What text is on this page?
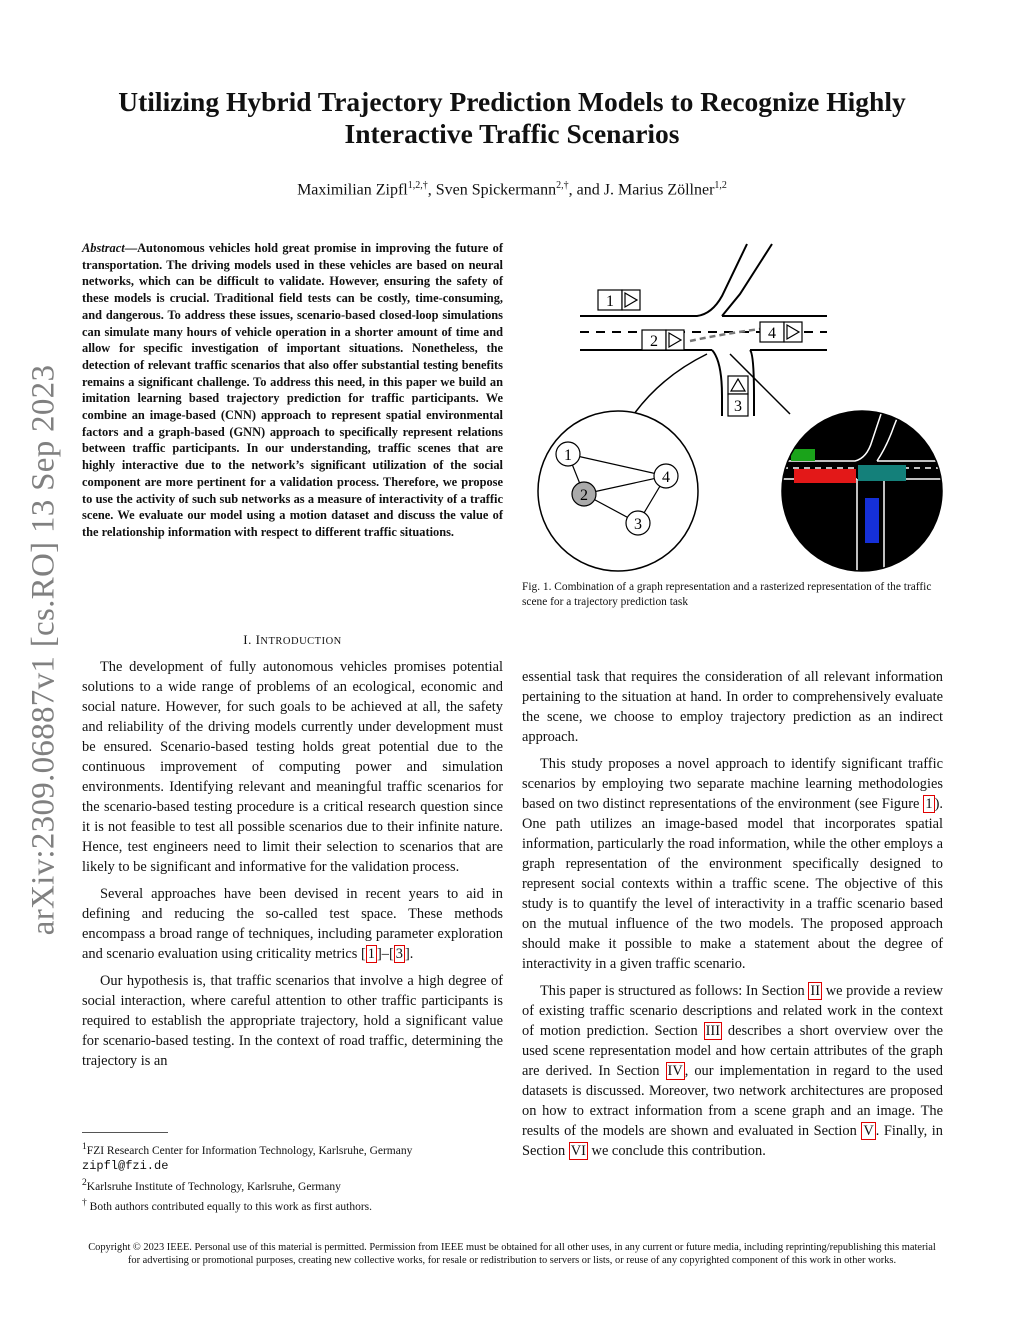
Utilizing Hybrid Trajectory Prediction Models to Recognize Highly Interactive Traffic Scenarios
Maximilian Zipfl$^{1,2,\dagger}$, Sven Spickermann$^{2,\dagger}$, and J. Marius Zöllner$^{1,2}$
arXiv:2309.06887v1 [cs.RO] 13 Sep 2023

Abstract—Autonomous vehicles hold great promise in improving the future of transportation. The driving models used in these vehicles are based on neural networks, which can be difficult to validate. However, ensuring the safety of these models is crucial. Traditional field tests can be costly, time-consuming, and dangerous. To address these issues, scenario-based closed-loop simulations can simulate many hours of vehicle operation in a shorter amount of time and allow for specific investigation of important situations. Nonetheless, the detection of relevant traffic scenarios that also offer substantial testing benefits remains a significant challenge. To address this need, in this paper we build an imitation learning based trajectory prediction for traffic participants. We combine an image-based (CNN) approach to represent spatial environmental factors and a graph-based (GNN) approach to specifically represent relations between traffic participants. In our understanding, traffic scenes that are highly interactive due to the network’s significant utilization of the social component are more pertinent for a validation process. Therefore, we propose to use the activity of such sub networks as a measure of interactivity of a traffic scene. We evaluate our model using a motion dataset and discuss the value of the relationship information with respect to different traffic situations.

I. INTRODUCTION

The development of fully autonomous vehicles promises potential solutions to a wide range of problems of an ecological, economic and social nature. However, for such goals to be achieved at all, the safety and reliability of the driving models currently under development must be ensured. Scenario-based testing holds great potential due to the continuous improvement of computing power and simulation environments. Identifying relevant and meaningful traffic scenarios for the scenario-based testing procedure is a critical research question since it is not feasible to test all possible scenarios due to their infinite nature. Hence, test engineers need to limit their selection to scenarios that are likely to be significant and informative for the validation process.

Several approaches have been devised in recent years to aid in defining and reducing the so-called test space. These methods encompass a broad range of techniques, including parameter exploration and scenario evaluation using criticality metrics [ 1 ]–[ 3 ].

Our hypothesis is, that traffic scenarios that involve a high degree of social interaction, where careful attention to other traffic participants is required to establish the appropriate trajectory, hold a significant value for scenario-based testing. In the context of road traffic, determining the trajectory is an

$^1$FZI Research Center for Information Technology, Karlsruhe, Germany
zipfl@fzi.de
$^2$Karlsruhe Institute of Technology, Karlsruhe, Germany
† Both authors contributed equally to this work as first authors.
1
2	4
3
1
2
3
4
Fig. 1. Combination of a graph representation and a rasterized representation of the traffic scene for a trajectory prediction task

essential task that requires the consideration of all relevant information pertaining to the situation at hand. In order to comprehensively evaluate the scene, we choose to employ trajectory prediction as an indirect approach.

This study proposes a novel approach to identify significant traffic scenarios by employing two separate machine learning methodologies based on two distinct representations of the environment (see Figure 1 ). One path utilizes an image-based model that incorporates spatial information, particularly the road information, while the other employs a graph representation of the environment specifically designed to represent social contexts within a traffic scene. The objective of this study is to quantify the level of interactivity in a traffic scenario based on the mutual influence of the two models. The proposed approach should make it possible to make a statement about the degree of interactivity in a given traffic scenario.

This paper is structured as follows: In Section II we provide a review of existing traffic scenario descriptions and related work in the context of motion prediction. Section III describes a short overview over the used scene representation model and how certain attributes of the graph are derived. In Section IV , our implementation in regard to the used datasets is discussed. Moreover, two network architectures are proposed on how to extract information from a scene graph and an image. The results of the models are shown and evaluated in Section V . Finally, in Section VI we conclude this contribution.

Copyright © 2023 IEEE. Personal use of this material is permitted. Permission from IEEE must be obtained for all other uses, in any current or future media, including reprinting/republishing this material for advertising or promotional purposes, creating new collective works, for resale or redistribution to servers or lists, or reuse of any copyrighted component of this work in other works.
